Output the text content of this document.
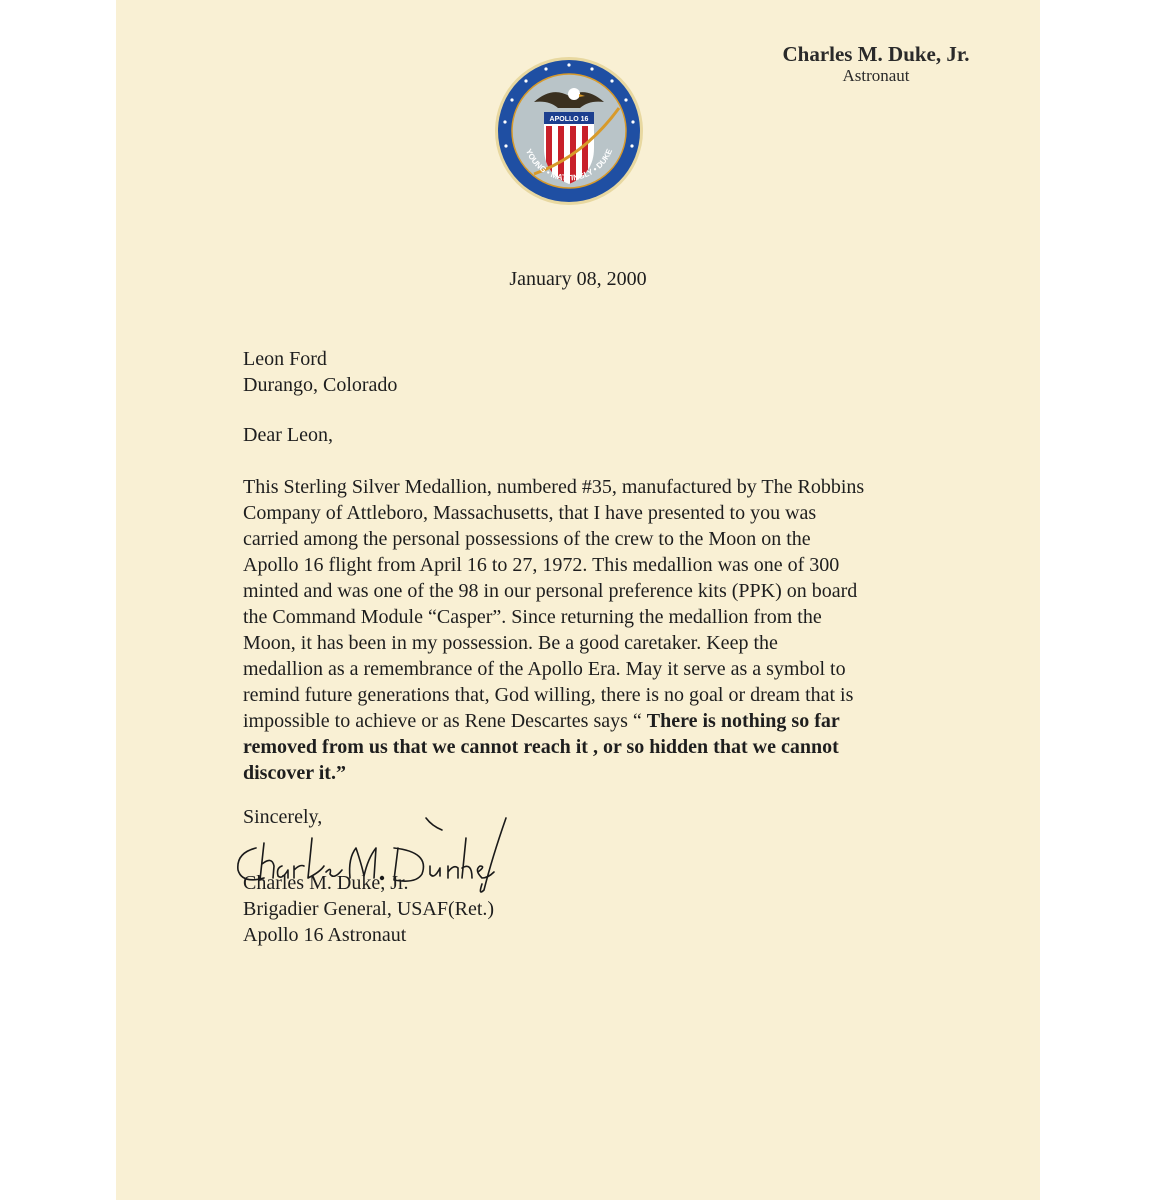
Charles M. Duke, Jr.
Astronaut
APOLLO 16
YOUNG • MATTINGLY • DUKE
January 08, 2000
Leon Ford
Durango, Colorado
Dear Leon,
This Sterling Silver Medallion, numbered #35, manufactured by The Robbins
Company of Attleboro, Massachusetts, that I have presented to you was
carried among the personal possessions of the crew to the Moon on the
Apollo 16 flight from April 16 to 27, 1972. This medallion was one of 300
minted and was one of the 98 in our personal preference kits (PPK) on board
the Command Module “Casper”. Since returning the medallion from the
Moon, it has been in my possession. Be a good caretaker. Keep the
medallion as a remembrance of the Apollo Era. May it serve as a symbol to
remind future generations that, God willing, there is no goal or dream that is
impossible to achieve or as Rene Descartes says “ There is nothing so far
removed from us that we cannot reach it , or so hidden that we cannot
discover it.”
Sincerely,
Charles M. Duke, Jr.
Brigadier General, USAF(Ret.)
Apollo 16 Astronaut
